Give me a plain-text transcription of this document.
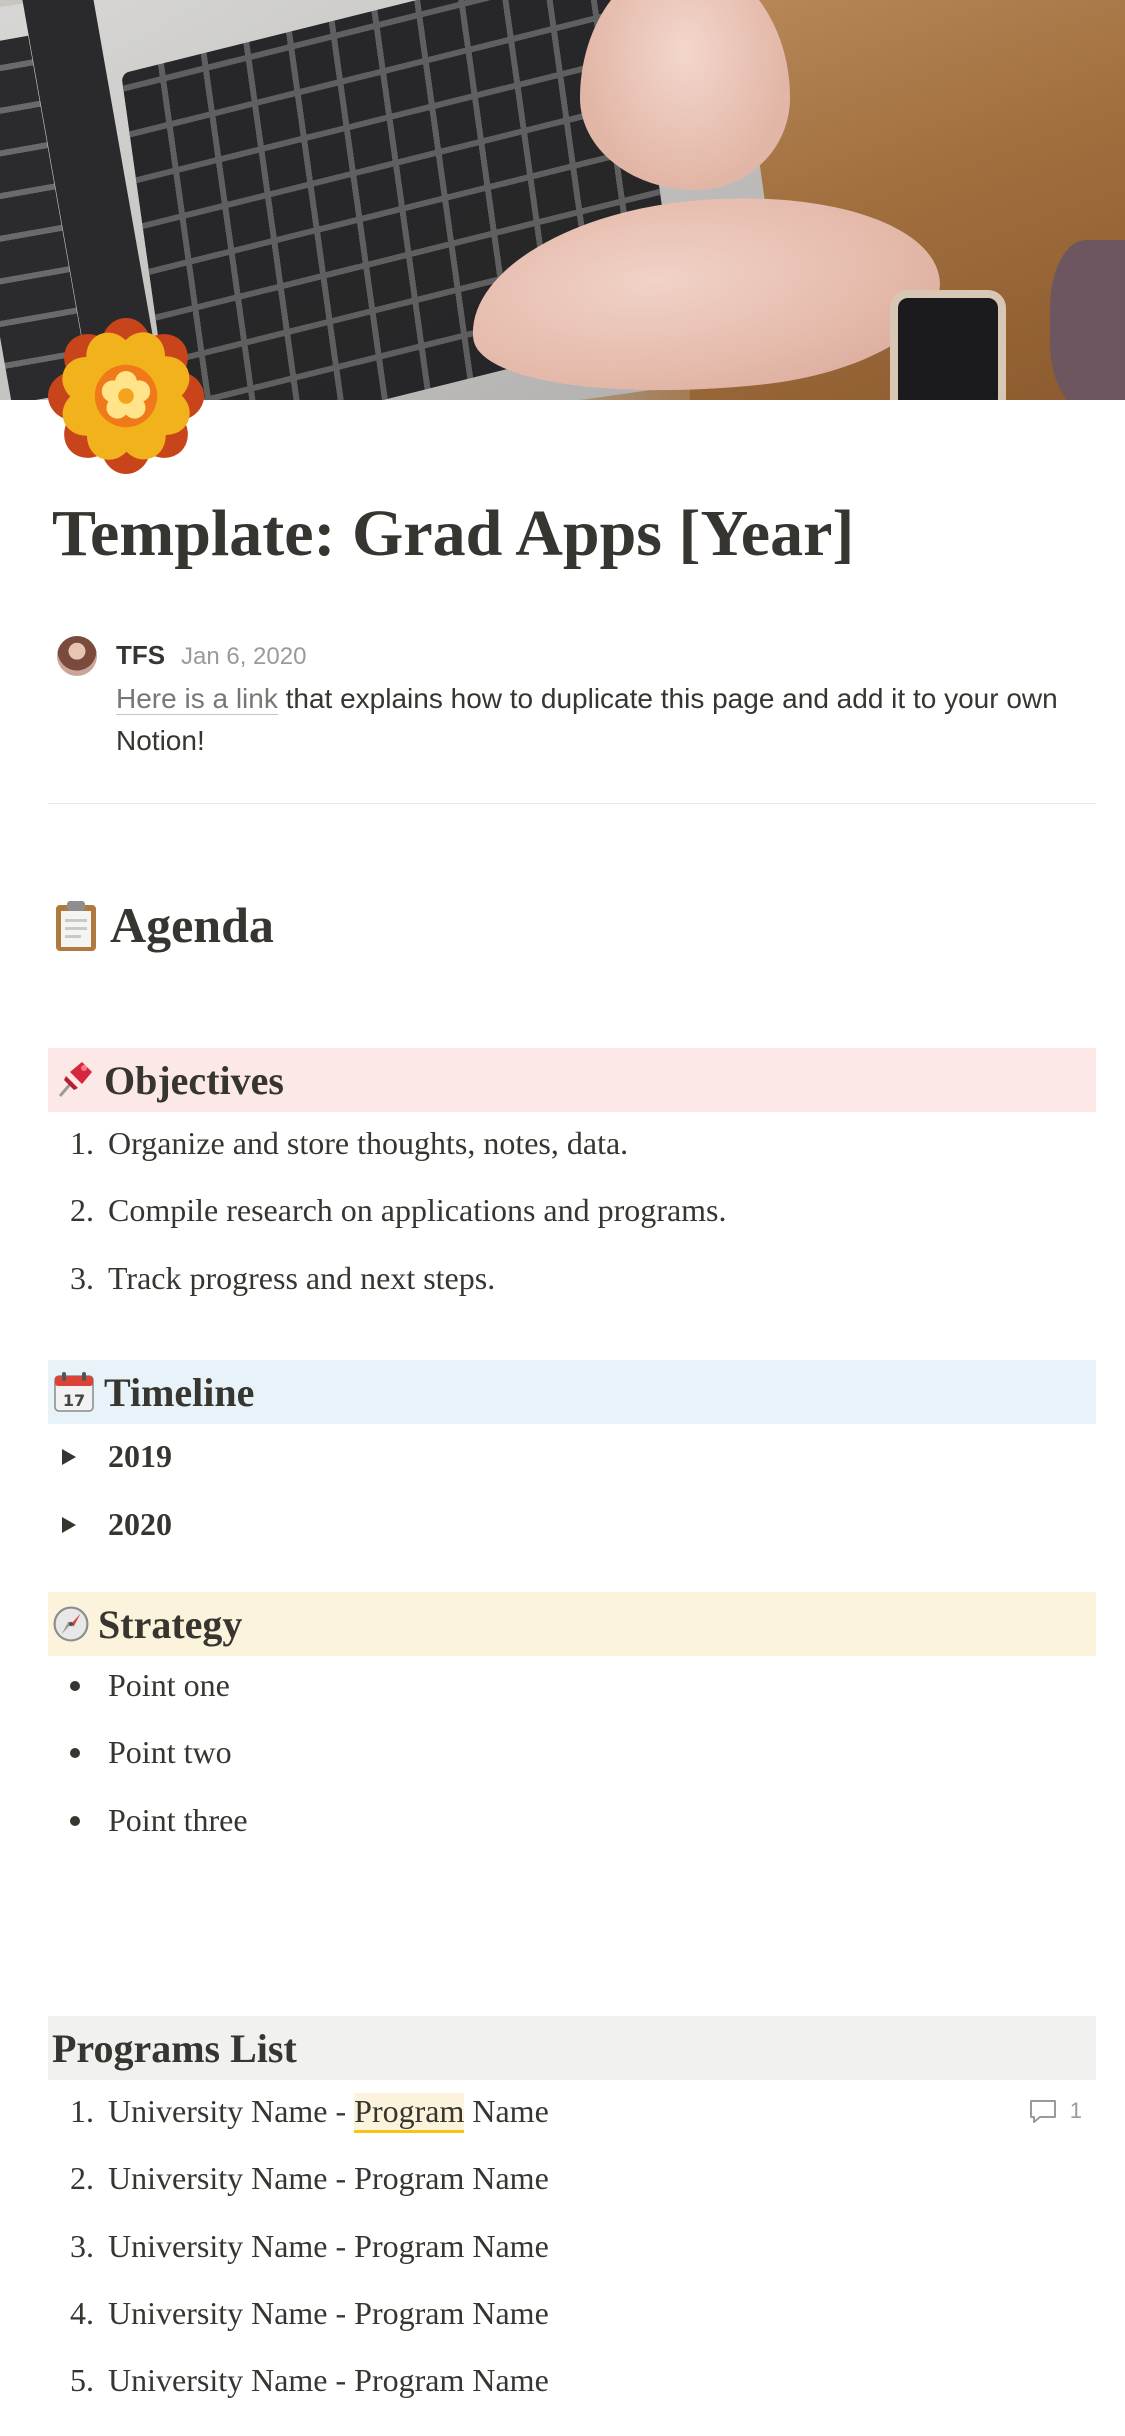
Template: Grad Apps [Year]
TFS Jan 6, 2020
Here is a link that explains how to duplicate this page and add it to your own Notion!
Agenda
Objectives
1. Organize and store thoughts, notes, data.
2. Compile research on applications and programs.
3. Track progress and next steps.
17 Timeline
2019
2020
Strategy
Point one
Point two
Point three
Programs List
1. University Name - Program Name	1
2. University Name - Program Name
3. University Name - Program Name
4. University Name - Program Name
5. University Name - Program Name
